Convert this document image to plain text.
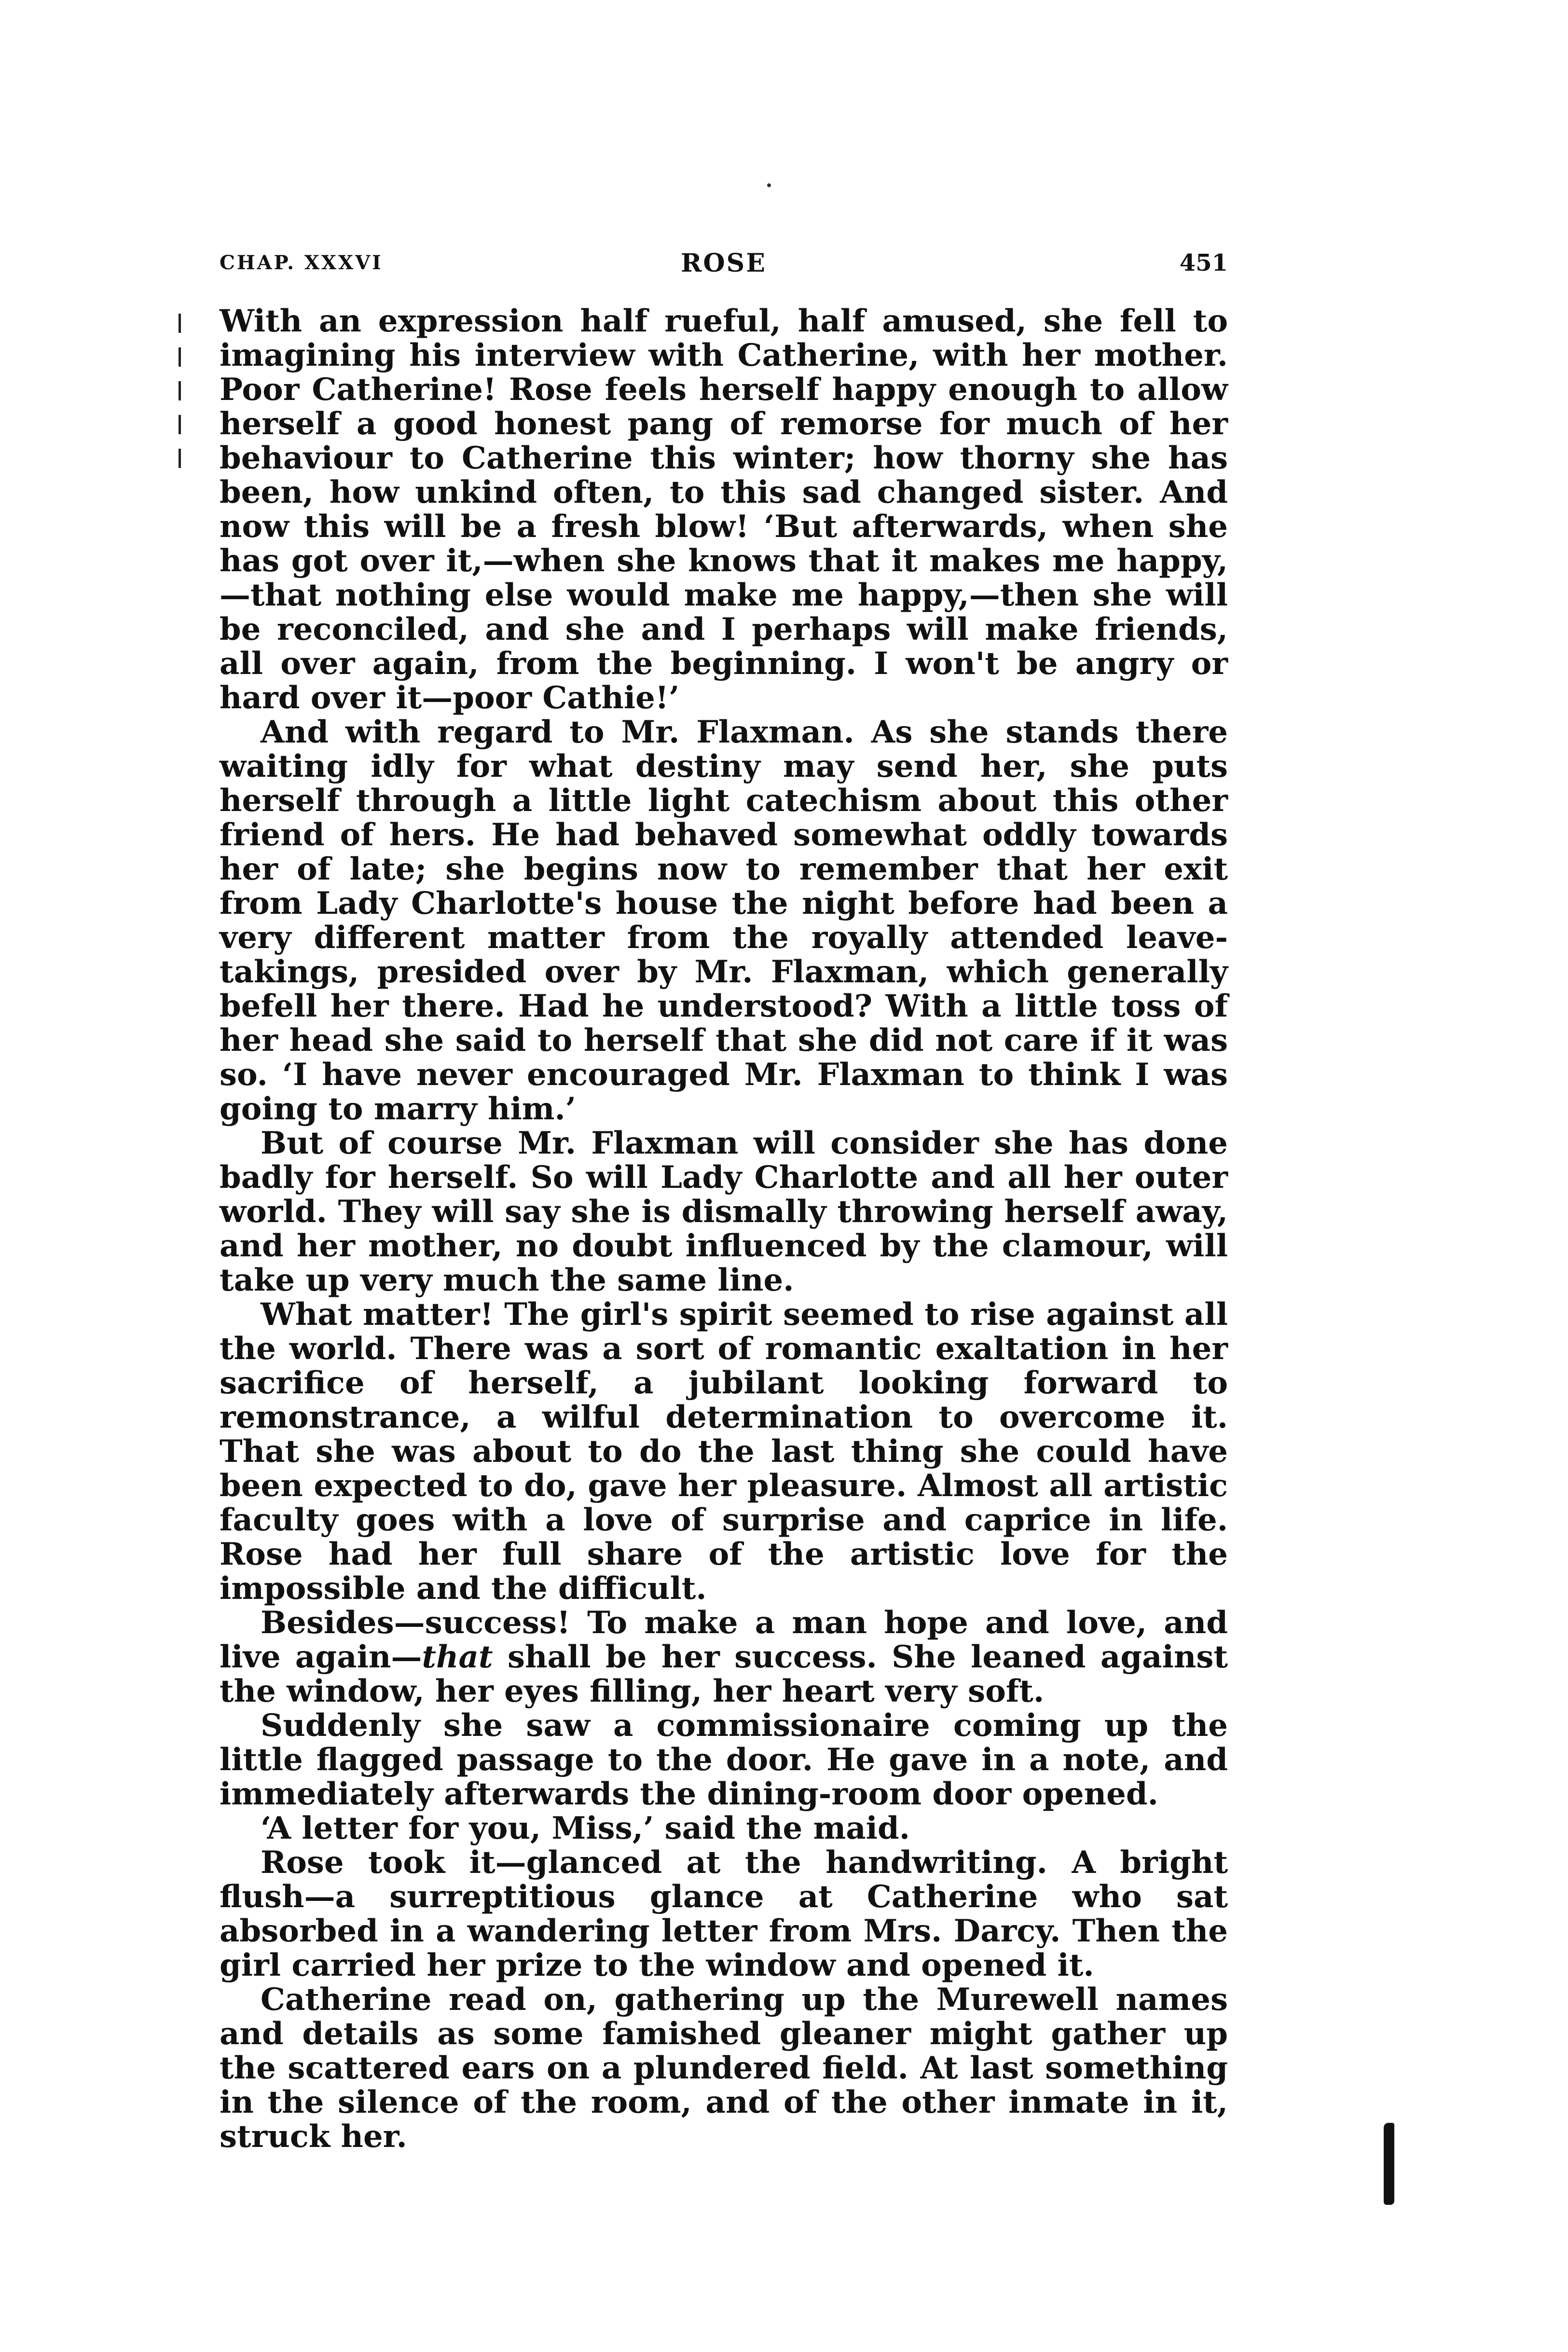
CHAP. XXXVI	ROSE	451

With an expression half rueful, half amused, she fell to imagining his interview with Catherine, with her mother. Poor Catherine! Rose feels herself happy enough to allow herself a good honest pang of remorse for much of her behaviour to Catherine this winter; how thorny she has been, how unkind often, to this sad changed sister. And now this will be a fresh blow! ‘But afterwards, when she has got over it,—when she knows that it makes me happy,—that nothing else would make me happy,—then she will be reconciled, and she and I perhaps will make friends, all over again, from the beginning. I won't be angry or hard over it—poor Cathie!’

And with regard to Mr. Flaxman. As she stands there waiting idly for what destiny may send her, she puts herself through a little light catechism about this other friend of hers. He had behaved somewhat oddly towards her of late; she begins now to remember that her exit from Lady Charlotte's house the night before had been a very different matter from the royally attended leave-takings, presided over by Mr. Flaxman, which generally befell her there. Had he understood? With a little toss of her head she said to herself that she did not care if it was so. ‘I have never encouraged Mr. Flaxman to think I was going to marry him.’

But of course Mr. Flaxman will consider she has done badly for herself. So will Lady Charlotte and all her outer world. They will say she is dismally throwing herself away, and her mother, no doubt influenced by the clamour, will take up very much the same line.

What matter! The girl's spirit seemed to rise against all the world. There was a sort of romantic exaltation in her sacrifice of herself, a jubilant looking forward to remonstrance, a wilful determination to overcome it. That she was about to do the last thing she could have been expected to do, gave her pleasure. Almost all artistic faculty goes with a love of surprise and caprice in life. Rose had her full share of the artistic love for the impossible and the difficult.

Besides—success! To make a man hope and love, and live again—that shall be her success. She leaned against the window, her eyes filling, her heart very soft.

Suddenly she saw a commissionaire coming up the little flagged passage to the door. He gave in a note, and immediately afterwards the dining-room door opened.

‘A letter for you, Miss,’ said the maid.

Rose took it—glanced at the handwriting. A bright flush—a surreptitious glance at Catherine who sat absorbed in a wandering letter from Mrs. Darcy. Then the girl carried her prize to the window and opened it.

Catherine read on, gathering up the Murewell names and details as some famished gleaner might gather up the scattered ears on a plundered field. At last something in the silence of the room, and of the other inmate in it, struck her.
